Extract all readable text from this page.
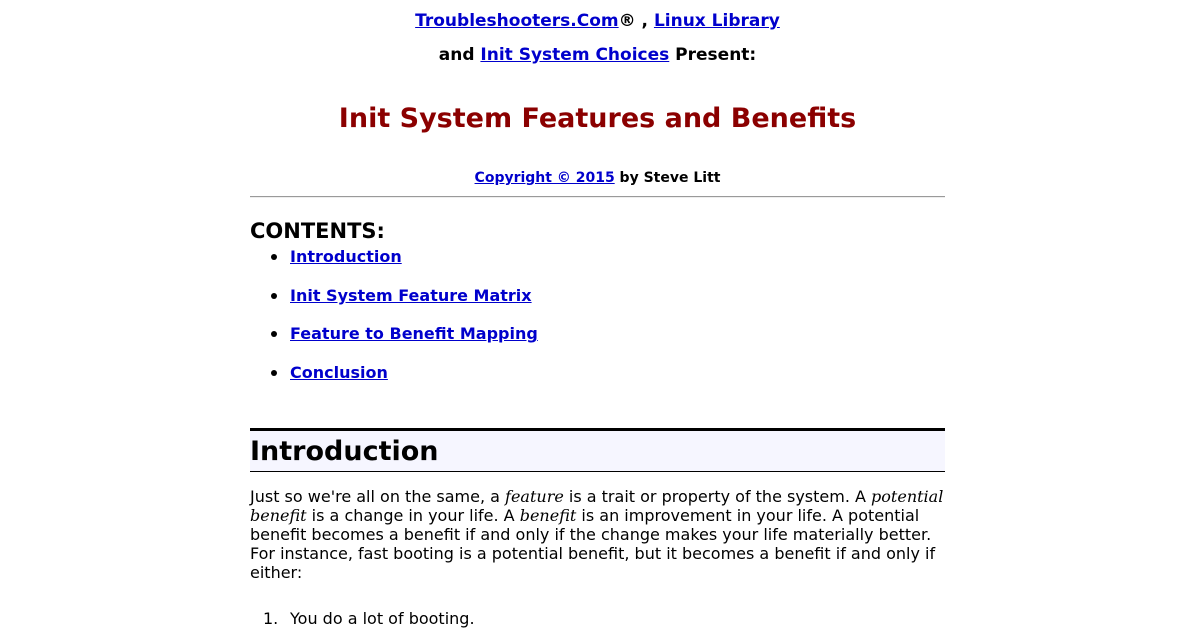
Troubleshooters.Com® , Linux Library
and Init System Choices Present:
Init System Features and Benefits
Copyright © 2015 by Steve Litt
CONTENTS:
Introduction
Init System Feature Matrix
Feature to Benefit Mapping
Conclusion
Introduction

Just so we're all on the same, a feature is a trait or property of the system. A potential benefit is a change in your life. A benefit is an improvement in your life. A potential benefit becomes a benefit if and only if the change makes your life materially better. For instance, fast booting is a potential benefit, but it becomes a benefit if and only if either:

1. You do a lot of booting.
